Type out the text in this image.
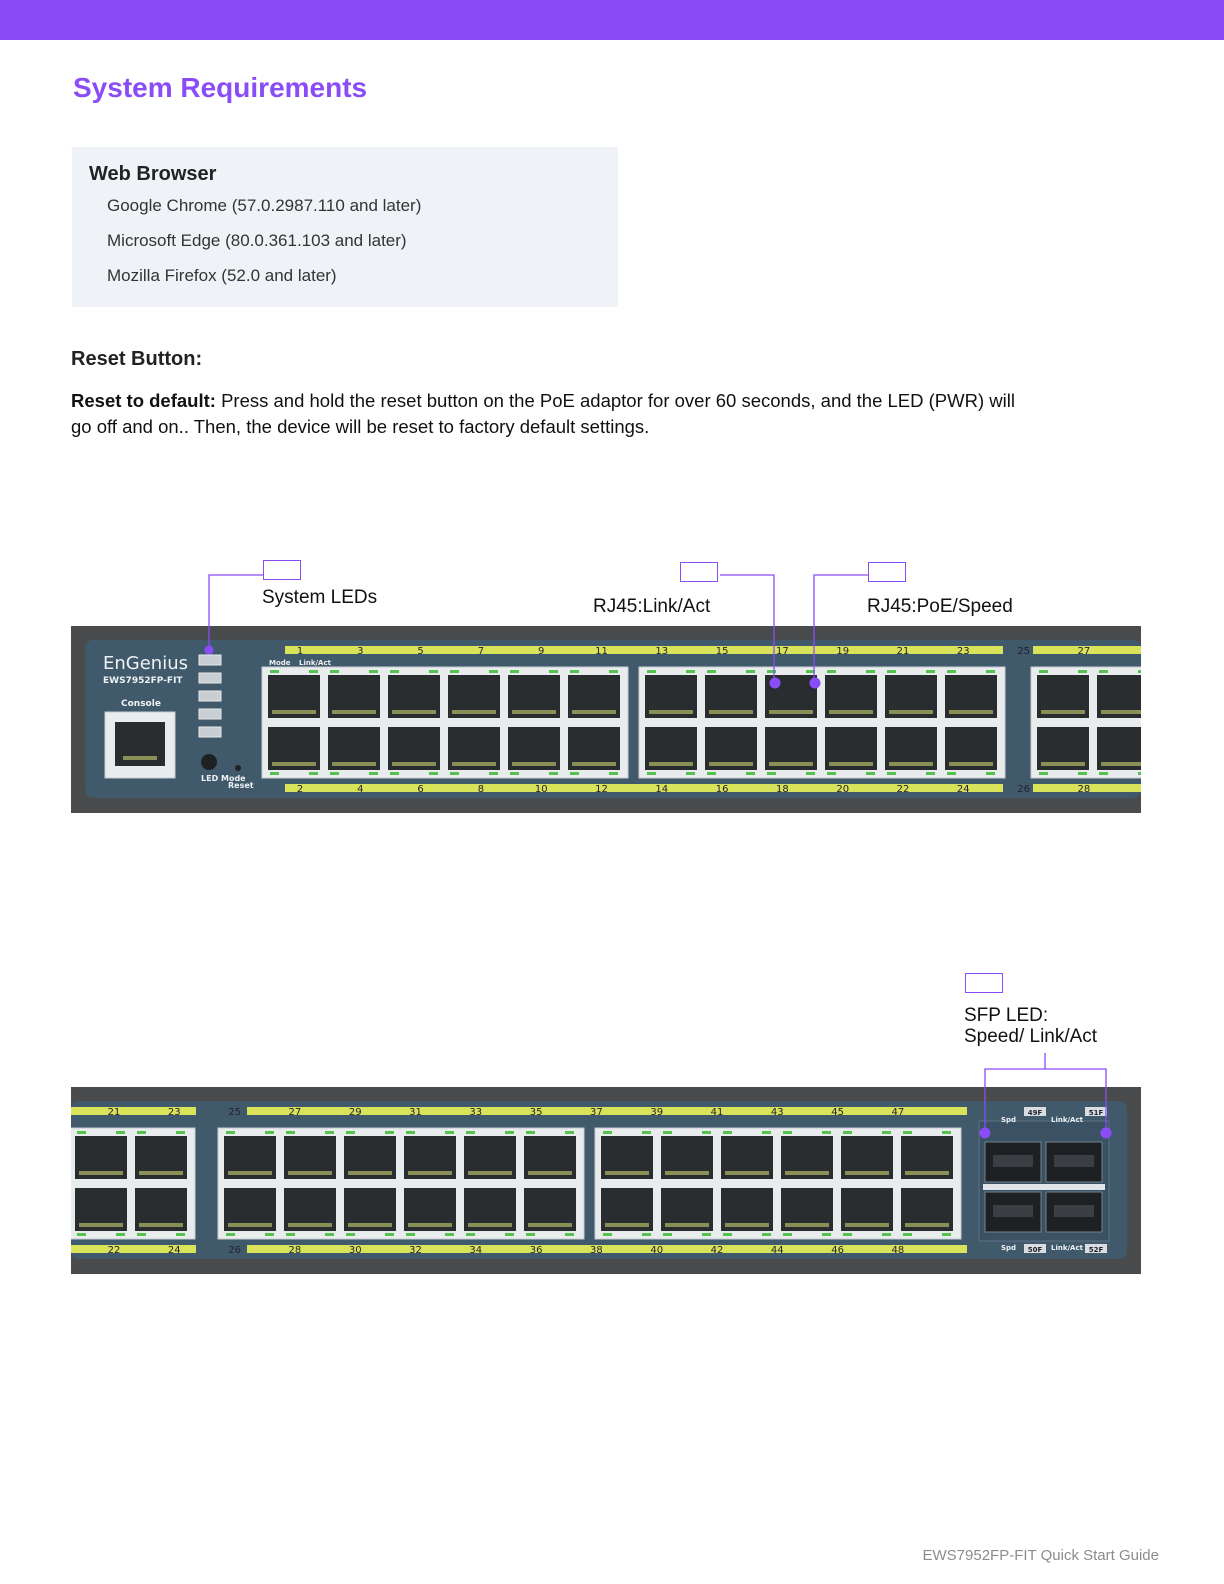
System Requirements
Web Browser
Google Chrome (57.0.2987.110 and later)
Microsoft Edge (80.0.361.103 and later)
Mozilla Firefox (52.0 and later)
Reset Button:

Reset to default: Press and hold the reset button on the PoE adaptor for over 60 seconds, and the LED (PWR) will go off and on.. Then, the device will be reset to factory default settings.

System LEDs	RJ45:Link/Act	RJ45:PoE/Speed
SFP LED:
Speed/ Link/Act
EnGenius
EWS7952FP-FIT
Console
LED Mode
Reset
Mode Link/Act
1	3	5	7	9	11	13	15	17	19	21	23	25	27
2	4	6	8	10	12	14	16	18	20	22	24	26	28
21	23	25	27	29	31	33	35	37	39	41	43	45	47
22	24	26	28	30	32	34	36	38	40	42	44	46	48
Spd
49F
Link/Act
51F
Spd 50F Link/Act 52F
EWS7952FP-FIT Quick Start Guide
